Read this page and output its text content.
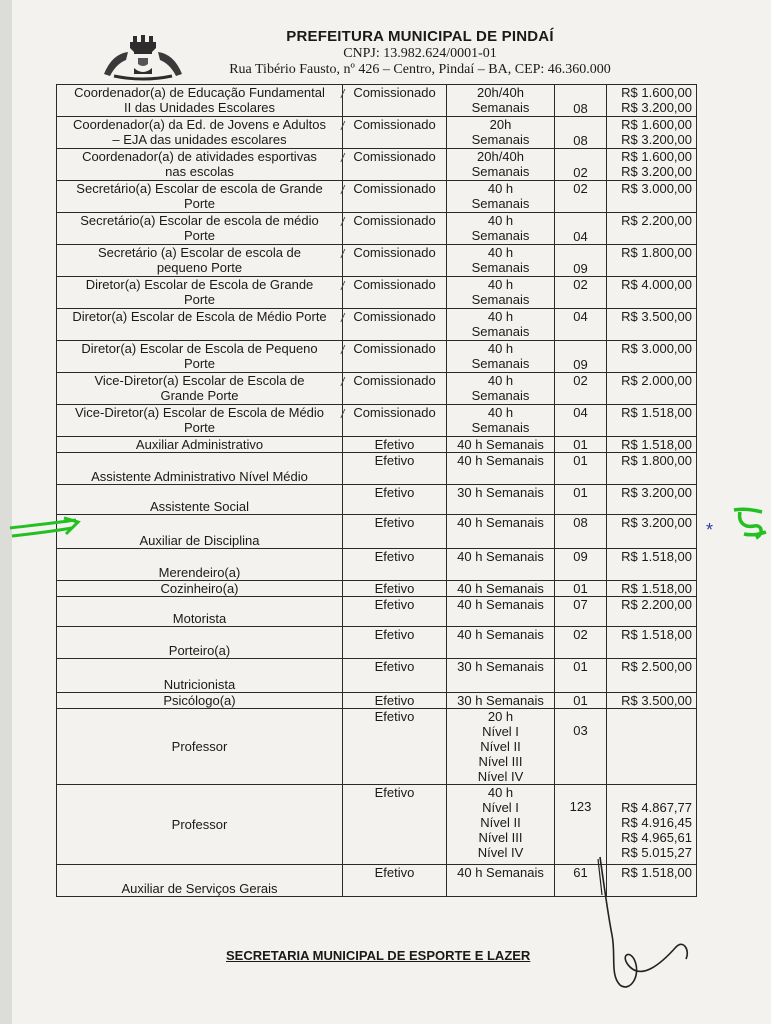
PREFEITURA MUNICIPAL DE PINDAÍ
CNPJ: 13.982.624/0001-01
Rua Tibério Fausto, nº 426 – Centro, Pindaí – BA, CEP: 46.360.000
Coordenador(a) de Educação Fundamental
II das Unidades Escolares	/ Comissionado	20h/40h
Semanais	08	R$ 1.600,00
R$ 3.200,00

Coordenador(a) da Ed. de Jovens e Adultos
– EJA das unidades escolares	/ Comissionado	20h
Semanais	08	R$ 1.600,00
R$ 3.200,00

Coordenador(a) de atividades esportivas
nas escolas	/ Comissionado	20h/40h
Semanais	02	R$ 1.600,00
R$ 3.200,00

Secretário(a) Escolar de escola de Grande
Porte	/ Comissionado	40 h
Semanais	02	R$ 3.000,00

Secretário(a) Escolar de escola de médio
Porte	/ Comissionado	40 h
Semanais	04	R$ 2.200,00

Secretário (a) Escolar de escola de
pequeno Porte	/ Comissionado	40 h
Semanais	09	R$ 1.800,00

Diretor(a) Escolar de Escola de Grande
Porte	/ Comissionado	40 h
Semanais	02	R$ 4.000,00

Diretor(a) Escolar de Escola de Médio Porte	/ Comissionado	40 h
Semanais	04	R$ 3.500,00

Diretor(a) Escolar de Escola de Pequeno
Porte	/ Comissionado	40 h
Semanais	09	R$ 3.000,00

Vice-Diretor(a) Escolar de Escola de
Grande Porte	/ Comissionado	40 h
Semanais	02	R$ 2.000,00

Vice-Diretor(a) Escolar de Escola de Médio
Porte	/ Comissionado	40 h
Semanais	04	R$ 1.518,00

Auxiliar Administrativo	Efetivo	40 h Semanais	01	R$ 1.518,00

Assistente Administrativo Nível Médio	Efetivo	40 h Semanais	01	R$ 1.800,00

Assistente Social	Efetivo	30 h Semanais	01	R$ 3.200,00

Auxiliar de Disciplina	Efetivo	40 h Semanais	08	R$ 3.200,00

Merendeiro(a)	Efetivo	40 h Semanais	09	R$ 1.518,00

Cozinheiro(a)	Efetivo	40 h Semanais	01	R$ 1.518,00

Motorista	Efetivo	40 h Semanais	07	R$ 2.200,00

Porteiro(a)	Efetivo	40 h Semanais	02	R$ 1.518,00

Nutricionista	Efetivo	30 h Semanais	01	R$ 2.500,00

Psicólogo(a)	Efetivo	30 h Semanais	01	R$ 3.500,00

Professor	Efetivo	20 h
Nível I
Nível II
Nível III
Nível IV	03	

Professor	Efetivo	40 h
Nível I
Nível II
Nível III
Nível IV	123	R$ 4.867,77
R$ 4.916,45
R$ 4.965,61
R$ 5.015,27

Auxiliar de Serviços Gerais	Efetivo	40 h Semanais	61	R$ 1.518,00
SECRETARIA MUNICIPAL DE ESPORTE E LAZER
*
